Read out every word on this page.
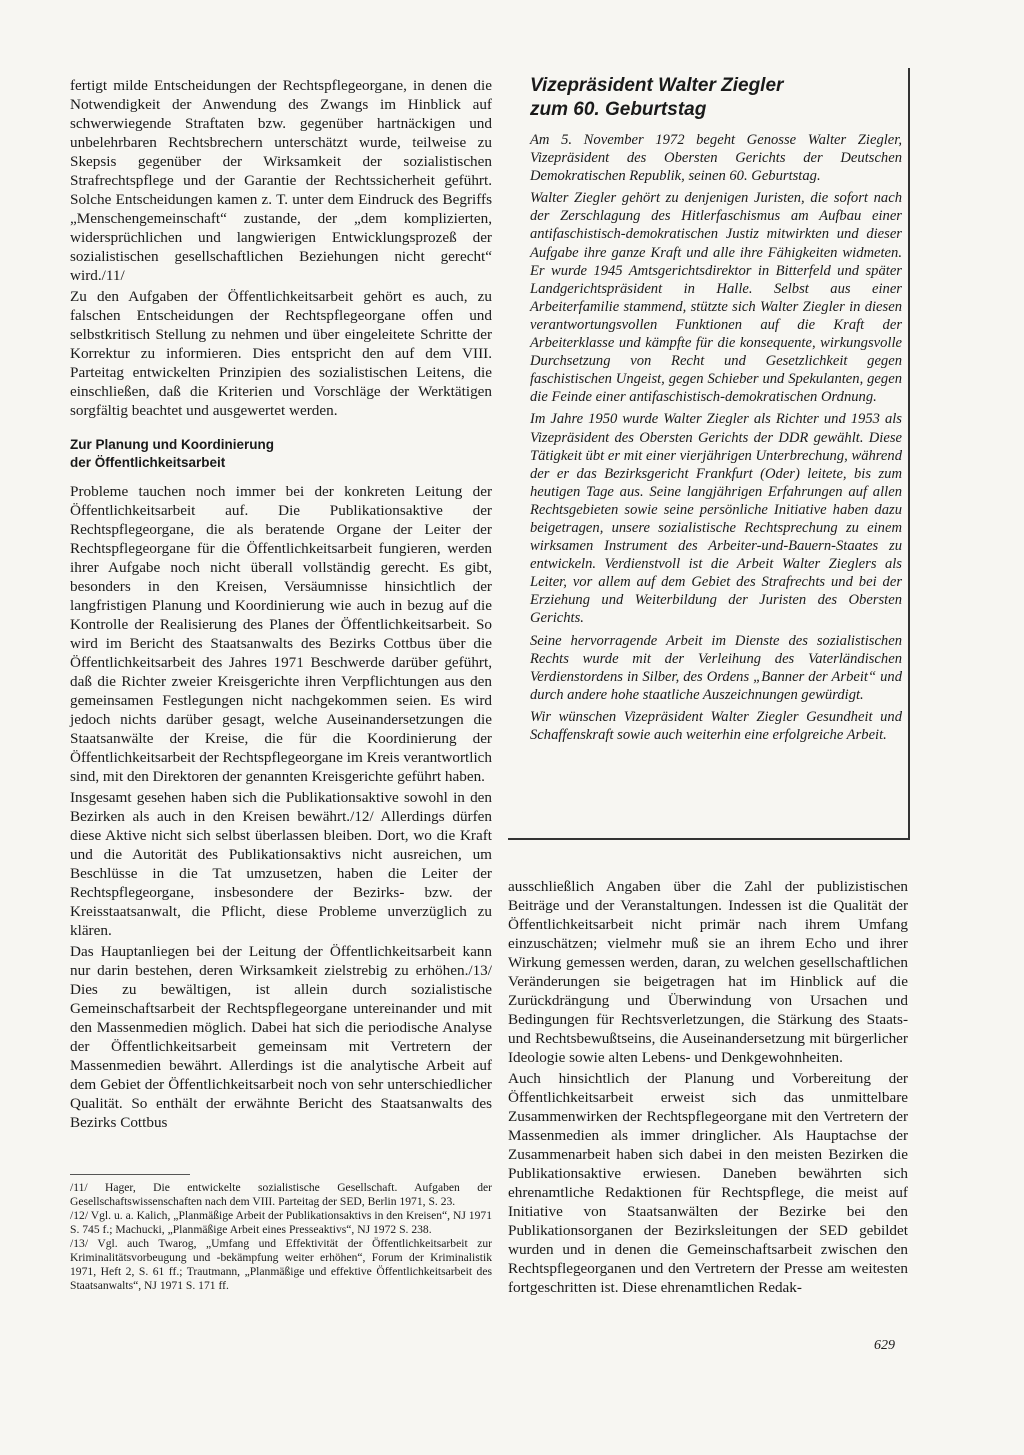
fertigt milde Entscheidungen der Rechtspflegeorgane, in denen die Notwendigkeit der Anwendung des Zwangs im Hinblick auf schwerwiegende Straftaten bzw. gegenüber hartnäckigen und unbelehrbaren Rechtsbrechern unterschätzt wurde, teilweise zu Skepsis gegenüber der Wirksamkeit der sozialistischen Strafrechtspflege und der Garantie der Rechtssicherheit geführt. Solche Entscheidungen kamen z. T. unter dem Eindruck des Begriffs „Menschengemeinschaft“ zustande, der „dem komplizierten, widersprüchlichen und langwierigen Entwicklungsprozeß der sozialistischen gesellschaftlichen Beziehungen nicht gerecht“ wird./11/

Zu den Aufgaben der Öffentlichkeitsarbeit gehört es auch, zu falschen Entscheidungen der Rechtspflegeorgane offen und selbstkritisch Stellung zu nehmen und über eingeleitete Schritte der Korrektur zu informieren. Dies entspricht den auf dem VIII. Parteitag entwickelten Prinzipien des sozialistischen Leitens, die einschließen, daß die Kriterien und Vorschläge der Werktätigen sorgfältig beachtet und ausgewertet werden.

Zur Planung und Koordinierung
der Öffentlichkeitsarbeit

Probleme tauchen noch immer bei der konkreten Leitung der Öffentlichkeitsarbeit auf. Die Publikationsaktive der Rechtspflegeorgane, die als beratende Organe der Leiter der Rechtspflegeorgane für die Öffentlichkeitsarbeit fungieren, werden ihrer Aufgabe noch nicht überall vollständig gerecht. Es gibt, besonders in den Kreisen, Versäumnisse hinsichtlich der langfristigen Planung und Koordinierung wie auch in bezug auf die Kontrolle der Realisierung des Planes der Öffentlichkeitsarbeit. So wird im Bericht des Staatsanwalts des Bezirks Cottbus über die Öffentlichkeitsarbeit des Jahres 1971 Beschwerde darüber geführt, daß die Richter zweier Kreisgerichte ihren Verpflichtungen aus den gemeinsamen Festlegungen nicht nachgekommen seien. Es wird jedoch nichts darüber gesagt, welche Auseinandersetzungen die Staatsanwälte der Kreise, die für die Koordinierung der Öffentlichkeitsarbeit der Rechtspflegeorgane im Kreis verantwortlich sind, mit den Direktoren der genannten Kreisgerichte geführt haben.

Insgesamt gesehen haben sich die Publikationsaktive sowohl in den Bezirken als auch in den Kreisen bewährt./12/ Allerdings dürfen diese Aktive nicht sich selbst überlassen bleiben. Dort, wo die Kraft und die Autorität des Publikationsaktivs nicht ausreichen, um Beschlüsse in die Tat umzusetzen, haben die Leiter der Rechtspflegeorgane, insbesondere der Bezirks- bzw. der Kreisstaatsanwalt, die Pflicht, diese Probleme unverzüglich zu klären.

Das Hauptanliegen bei der Leitung der Öffentlichkeitsarbeit kann nur darin bestehen, deren Wirksamkeit zielstrebig zu erhöhen./13/ Dies zu bewältigen, ist allein durch sozialistische Gemeinschaftsarbeit der Rechtspflegeorgane untereinander und mit den Massenmedien möglich. Dabei hat sich die periodische Analyse der Öffentlichkeitsarbeit gemeinsam mit Vertretern der Massenmedien bewährt. Allerdings ist die analytische Arbeit auf dem Gebiet der Öffentlichkeitsarbeit noch von sehr unterschiedlicher Qualität. So enthält der erwähnte Bericht des Staatsanwalts des Bezirks Cottbus

/11/ Hager, Die entwickelte sozialistische Gesellschaft. Aufgaben der Gesellschaftswissenschaften nach dem VIII. Parteitag der SED, Berlin 1971, S. 23.

/12/ Vgl. u. a. Kalich, „Planmäßige Arbeit der Publikationsaktivs in den Kreisen“, NJ 1971 S. 745 f.; Machucki, „Planmäßige Arbeit eines Presseaktivs“, NJ 1972 S. 238.

/13/ Vgl. auch Twarog, „Umfang und Effektivität der Öffentlichkeitsarbeit zur Kriminalitätsvorbeugung und -bekämpfung weiter erhöhen“, Forum der Kriminalistik 1971, Heft 2, S. 61 ff.; Trautmann, „Planmäßige und effektive Öffentlichkeitsarbeit des Staatsanwalts“, NJ 1971 S. 171 ff.

Vizepräsident Walter Ziegler
zum 60. Geburtstag

Am 5. November 1972 begeht Genosse Walter Ziegler, Vizepräsident des Obersten Gerichts der Deutschen Demokratischen Republik, seinen 60. Geburtstag.

Walter Ziegler gehört zu denjenigen Juristen, die sofort nach der Zerschlagung des Hitlerfaschismus am Aufbau einer antifaschistisch-demokratischen Justiz mitwirkten und dieser Aufgabe ihre ganze Kraft und alle ihre Fähigkeiten widmeten. Er wurde 1945 Amtsgerichtsdirektor in Bitterfeld und später Landgerichtspräsident in Halle. Selbst aus einer Arbeiterfamilie stammend, stützte sich Walter Ziegler in diesen verantwortungsvollen Funktionen auf die Kraft der Arbeiterklasse und kämpfte für die konsequente, wirkungsvolle Durchsetzung von Recht und Gesetzlichkeit gegen faschistischen Ungeist, gegen Schieber und Spekulanten, gegen die Feinde einer antifaschistisch-demokratischen Ordnung.

Im Jahre 1950 wurde Walter Ziegler als Richter und 1953 als Vizepräsident des Obersten Gerichts der DDR gewählt. Diese Tätigkeit übt er mit einer vierjährigen Unterbrechung, während der er das Bezirksgericht Frankfurt (Oder) leitete, bis zum heutigen Tage aus. Seine langjährigen Erfahrungen auf allen Rechtsgebieten sowie seine persönliche Initiative haben dazu beigetragen, unsere sozialistische Rechtsprechung zu einem wirksamen Instrument des Arbeiter-und-Bauern-Staates zu entwickeln. Verdienstvoll ist die Arbeit Walter Zieglers als Leiter, vor allem auf dem Gebiet des Strafrechts und bei der Erziehung und Weiterbildung der Juristen des Obersten Gerichts.

Seine hervorragende Arbeit im Dienste des sozialistischen Rechts wurde mit der Verleihung des Vaterländischen Verdienstordens in Silber, des Ordens „Banner der Arbeit“ und durch andere hohe staatliche Auszeichnungen gewürdigt.

Wir wünschen Vizepräsident Walter Ziegler Gesundheit und Schaffenskraft sowie auch weiterhin eine erfolgreiche Arbeit.

ausschließlich Angaben über die Zahl der publizistischen Beiträge und der Veranstaltungen. Indessen ist die Qualität der Öffentlichkeitsarbeit nicht primär nach ihrem Umfang einzuschätzen; vielmehr muß sie an ihrem Echo und ihrer Wirkung gemessen werden, daran, zu welchen gesellschaftlichen Veränderungen sie beigetragen hat im Hinblick auf die Zurückdrängung und Überwindung von Ursachen und Bedingungen für Rechtsverletzungen, die Stärkung des Staats- und Rechtsbewußtseins, die Auseinandersetzung mit bürgerlicher Ideologie sowie alten Lebens- und Denkgewohnheiten.

Auch hinsichtlich der Planung und Vorbereitung der Öffentlichkeitsarbeit erweist sich das unmittelbare Zusammenwirken der Rechtspflegeorgane mit den Vertretern der Massenmedien als immer dringlicher. Als Hauptachse der Zusammenarbeit haben sich dabei in den meisten Bezirken die Publikationsaktive erwiesen. Daneben bewährten sich ehrenamtliche Redaktionen für Rechtspflege, die meist auf Initiative von Staatsanwälten der Bezirke bei den Publikationsorganen der Bezirksleitungen der SED gebildet wurden und in denen die Gemeinschaftsarbeit zwischen den Rechtspflegeorganen und den Vertretern der Presse am weitesten fortgeschritten ist. Diese ehrenamtlichen Redak-

629
